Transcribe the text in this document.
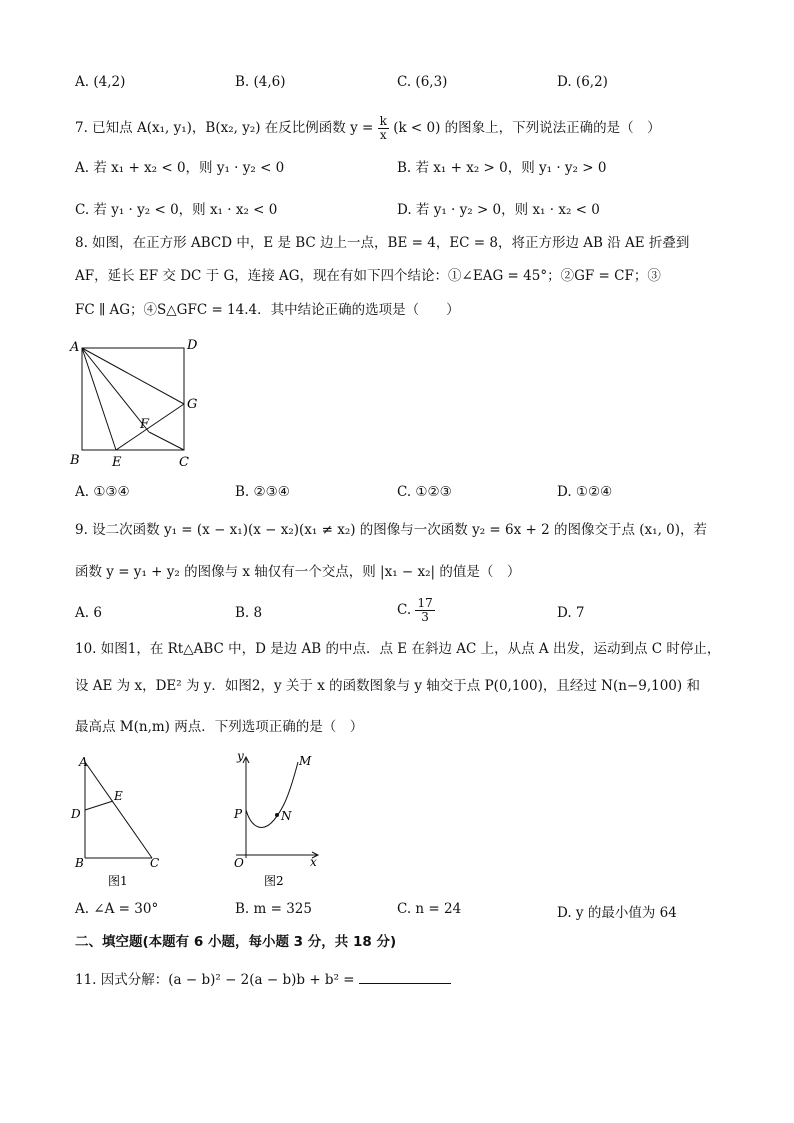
A. (4,2)	B. (4,6)	C. (6,3)	D. (6,2)
7. 已知点 A(x₁, y₁)，B(x₂, y₂) 在反比例函数 $y = \frac{k}{x} (k < 0)$ 的图象上，下列说法正确的是（　）
A. 若 x₁ + x₂ < 0，则 y₁ · y₂ < 0	B. 若 x₁ + x₂ > 0，则 y₁ · y₂ > 0
C. 若 y₁ · y₂ < 0，则 x₁ · x₂ < 0	D. 若 y₁ · y₂ > 0，则 x₁ · x₂ < 0
8. 如图，在正方形 ABCD 中，E 是 BC 边上一点，BE = 4，EC = 8，将正方形边 AB 沿 AE 折叠到
AF，延长 EF 交 DC 于 G，连接 AG，现在有如下四个结论：①∠EAG = 45°；②GF = CF；③
FC ∥ AG；④S△GFC = 14.4．其中结论正确的选项是（　　）
A	D
G
F
B E	C
A. ①③④	B. ②③④	C. ①②③	D. ①②④
9. 设二次函数 y₁ = (x − x₁)(x − x₂)(x₁ ≠ x₂) 的图像与一次函数 y₂ = 6x + 2 的图像交于点 (x₁, 0)，若
函数 y = y₁ + y₂ 的图像与 x 轴仅有一个交点，则 |x₁ − x₂| 的值是（　）
A. 6	B. 8	C. $\frac{17}{3}$	D. 7
10. 如图1，在 Rt△ABC 中，D 是边 AB 的中点．点 E 在斜边 AC 上，从点 A 出发，运动到点 C 时停止，
设 AE 为 x，DE² 为 y．如图2，y 关于 x 的函数图象与 y 轴交于点 P(0,100)，且经过 N(n−9,100) 和
最高点 M(n,m) 两点．下列选项正确的是（　）
A
E
D
B	C
图1
y	M
P	N
O	x
图2
A. ∠A = 30°	B. m = 325	C. n = 24	D. y 的最小值为 64
二、填空题(本题有 6 小题，每小题 3 分，共 18 分)
11. 因式分解：(a − b)² − 2(a − b)b + b² =
